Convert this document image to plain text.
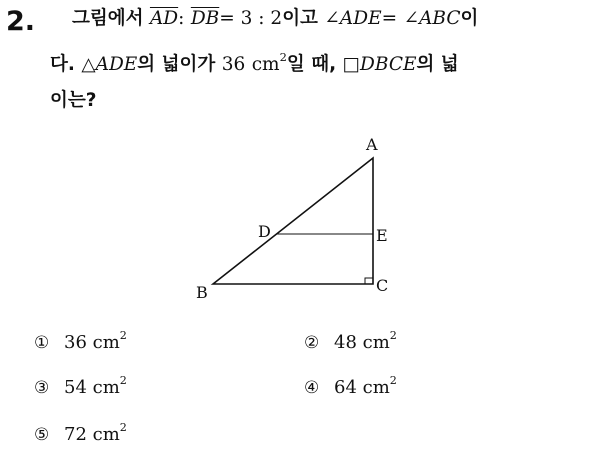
2. 그림에서 $\overline{AD}$: $\overline{DB}= 3$ : 2이고 ∠ADE= ∠ABC이
다. △ADE의 넓이가 36 $cm^2$일 때, □DBCE의 넓
이는?
A
D	E
B	C
① 36 $cm^2$	② 48 $cm^2$
③ 54 $cm^2$	④ 64 $cm^2$
⑤ 72 $cm^2$
